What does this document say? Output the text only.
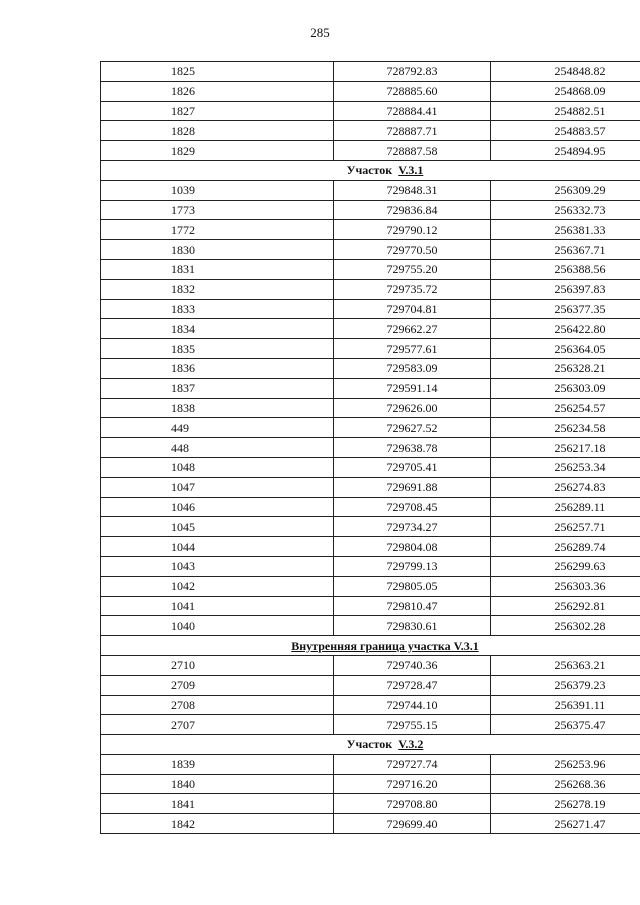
285
1825	728792.83	254848.82
1826	728885.60	254868.09
1827	728884.41	254882.51
1828	728887.71	254883.57
1829	728887.58	254894.95
Участок V.3.1		
1039	729848.31	256309.29
1773	729836.84	256332.73
1772	729790.12	256381.33
1830	729770.50	256367.71
1831	729755.20	256388.56
1832	729735.72	256397.83
1833	729704.81	256377.35
1834	729662.27	256422.80
1835	729577.61	256364.05
1836	729583.09	256328.21
1837	729591.14	256303.09
1838	729626.00	256254.57
449	729627.52	256234.58
448	729638.78	256217.18
1048	729705.41	256253.34
1047	729691.88	256274.83
1046	729708.45	256289.11
1045	729734.27	256257.71
1044	729804.08	256289.74
1043	729799.13	256299.63
1042	729805.05	256303.36
1041	729810.47	256292.81
1040	729830.61	256302.28
Внутренняя граница участка V.3.1		
2710	729740.36	256363.21
2709	729728.47	256379.23
2708	729744.10	256391.11
2707	729755.15	256375.47
Участок V.3.2		
1839	729727.74	256253.96
1840	729716.20	256268.36
1841	729708.80	256278.19
1842	729699.40	256271.47
